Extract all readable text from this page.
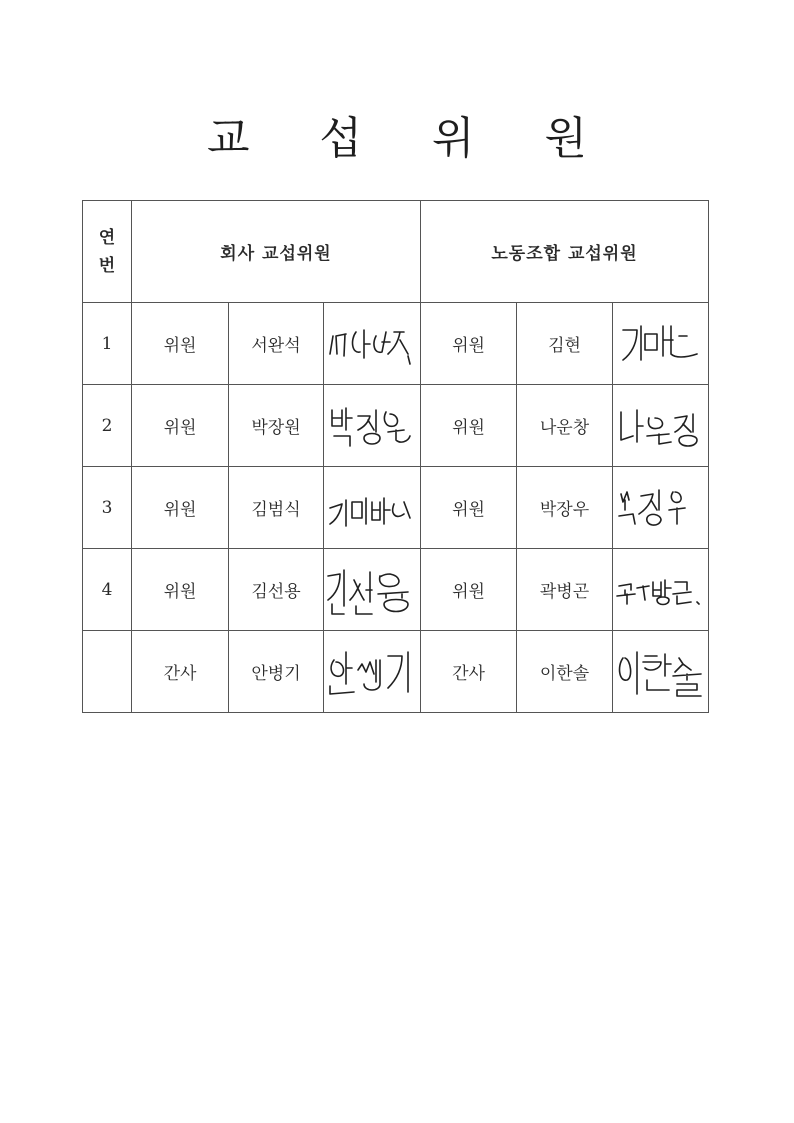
교 섭 위 원
연번	회사 교섭위원			노동조합 교섭위원		
1	위원	서완석		위원	김현	

2	위원	박장원		위원	나운창	

3	위원	김범식		위원	박장우	

4	위원	김선용		위원	곽병곤	

	간사	안병기		간사	이한솔	
